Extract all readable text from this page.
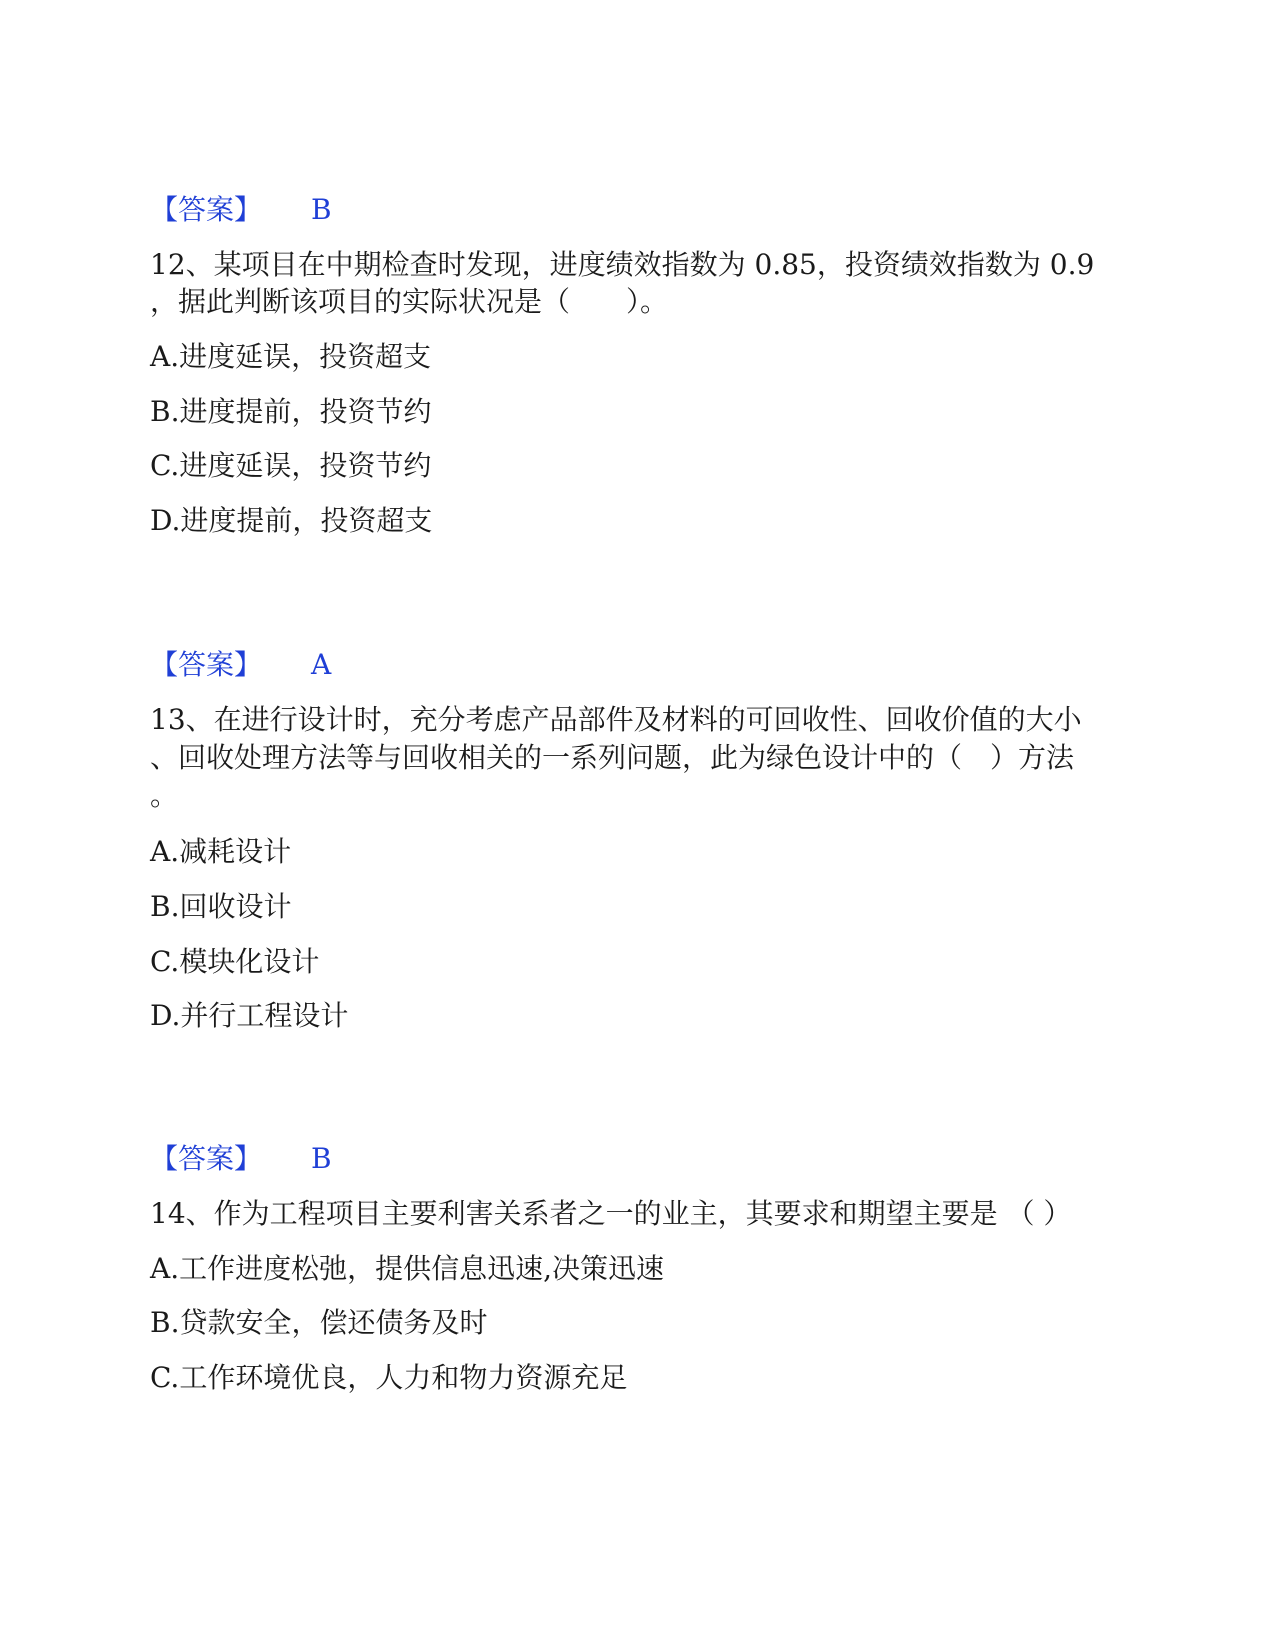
【答案】 B
12、某项目在中期检查时发现，进度绩效指数为 0.85，投资绩效指数为 0.9
，据此判断该项目的实际状况是（　　）。
A.进度延误，投资超支
B.进度提前，投资节约
C.进度延误，投资节约
D.进度提前，投资超支
【答案】 A
13、在进行设计时，充分考虑产品部件及材料的可回收性、回收价值的大小
、回收处理方法等与回收相关的一系列问题，此为绿色设计中的（　）方法
。
A.减耗设计
B.回收设计
C.模块化设计
D.并行工程设计
【答案】 B
14、作为工程项目主要利害关系者之一的业主，其要求和期望主要是 （ ）
A.工作进度松弛，提供信息迅速,决策迅速
B.贷款安全，偿还债务及时
C.工作环境优良，人力和物力资源充足
